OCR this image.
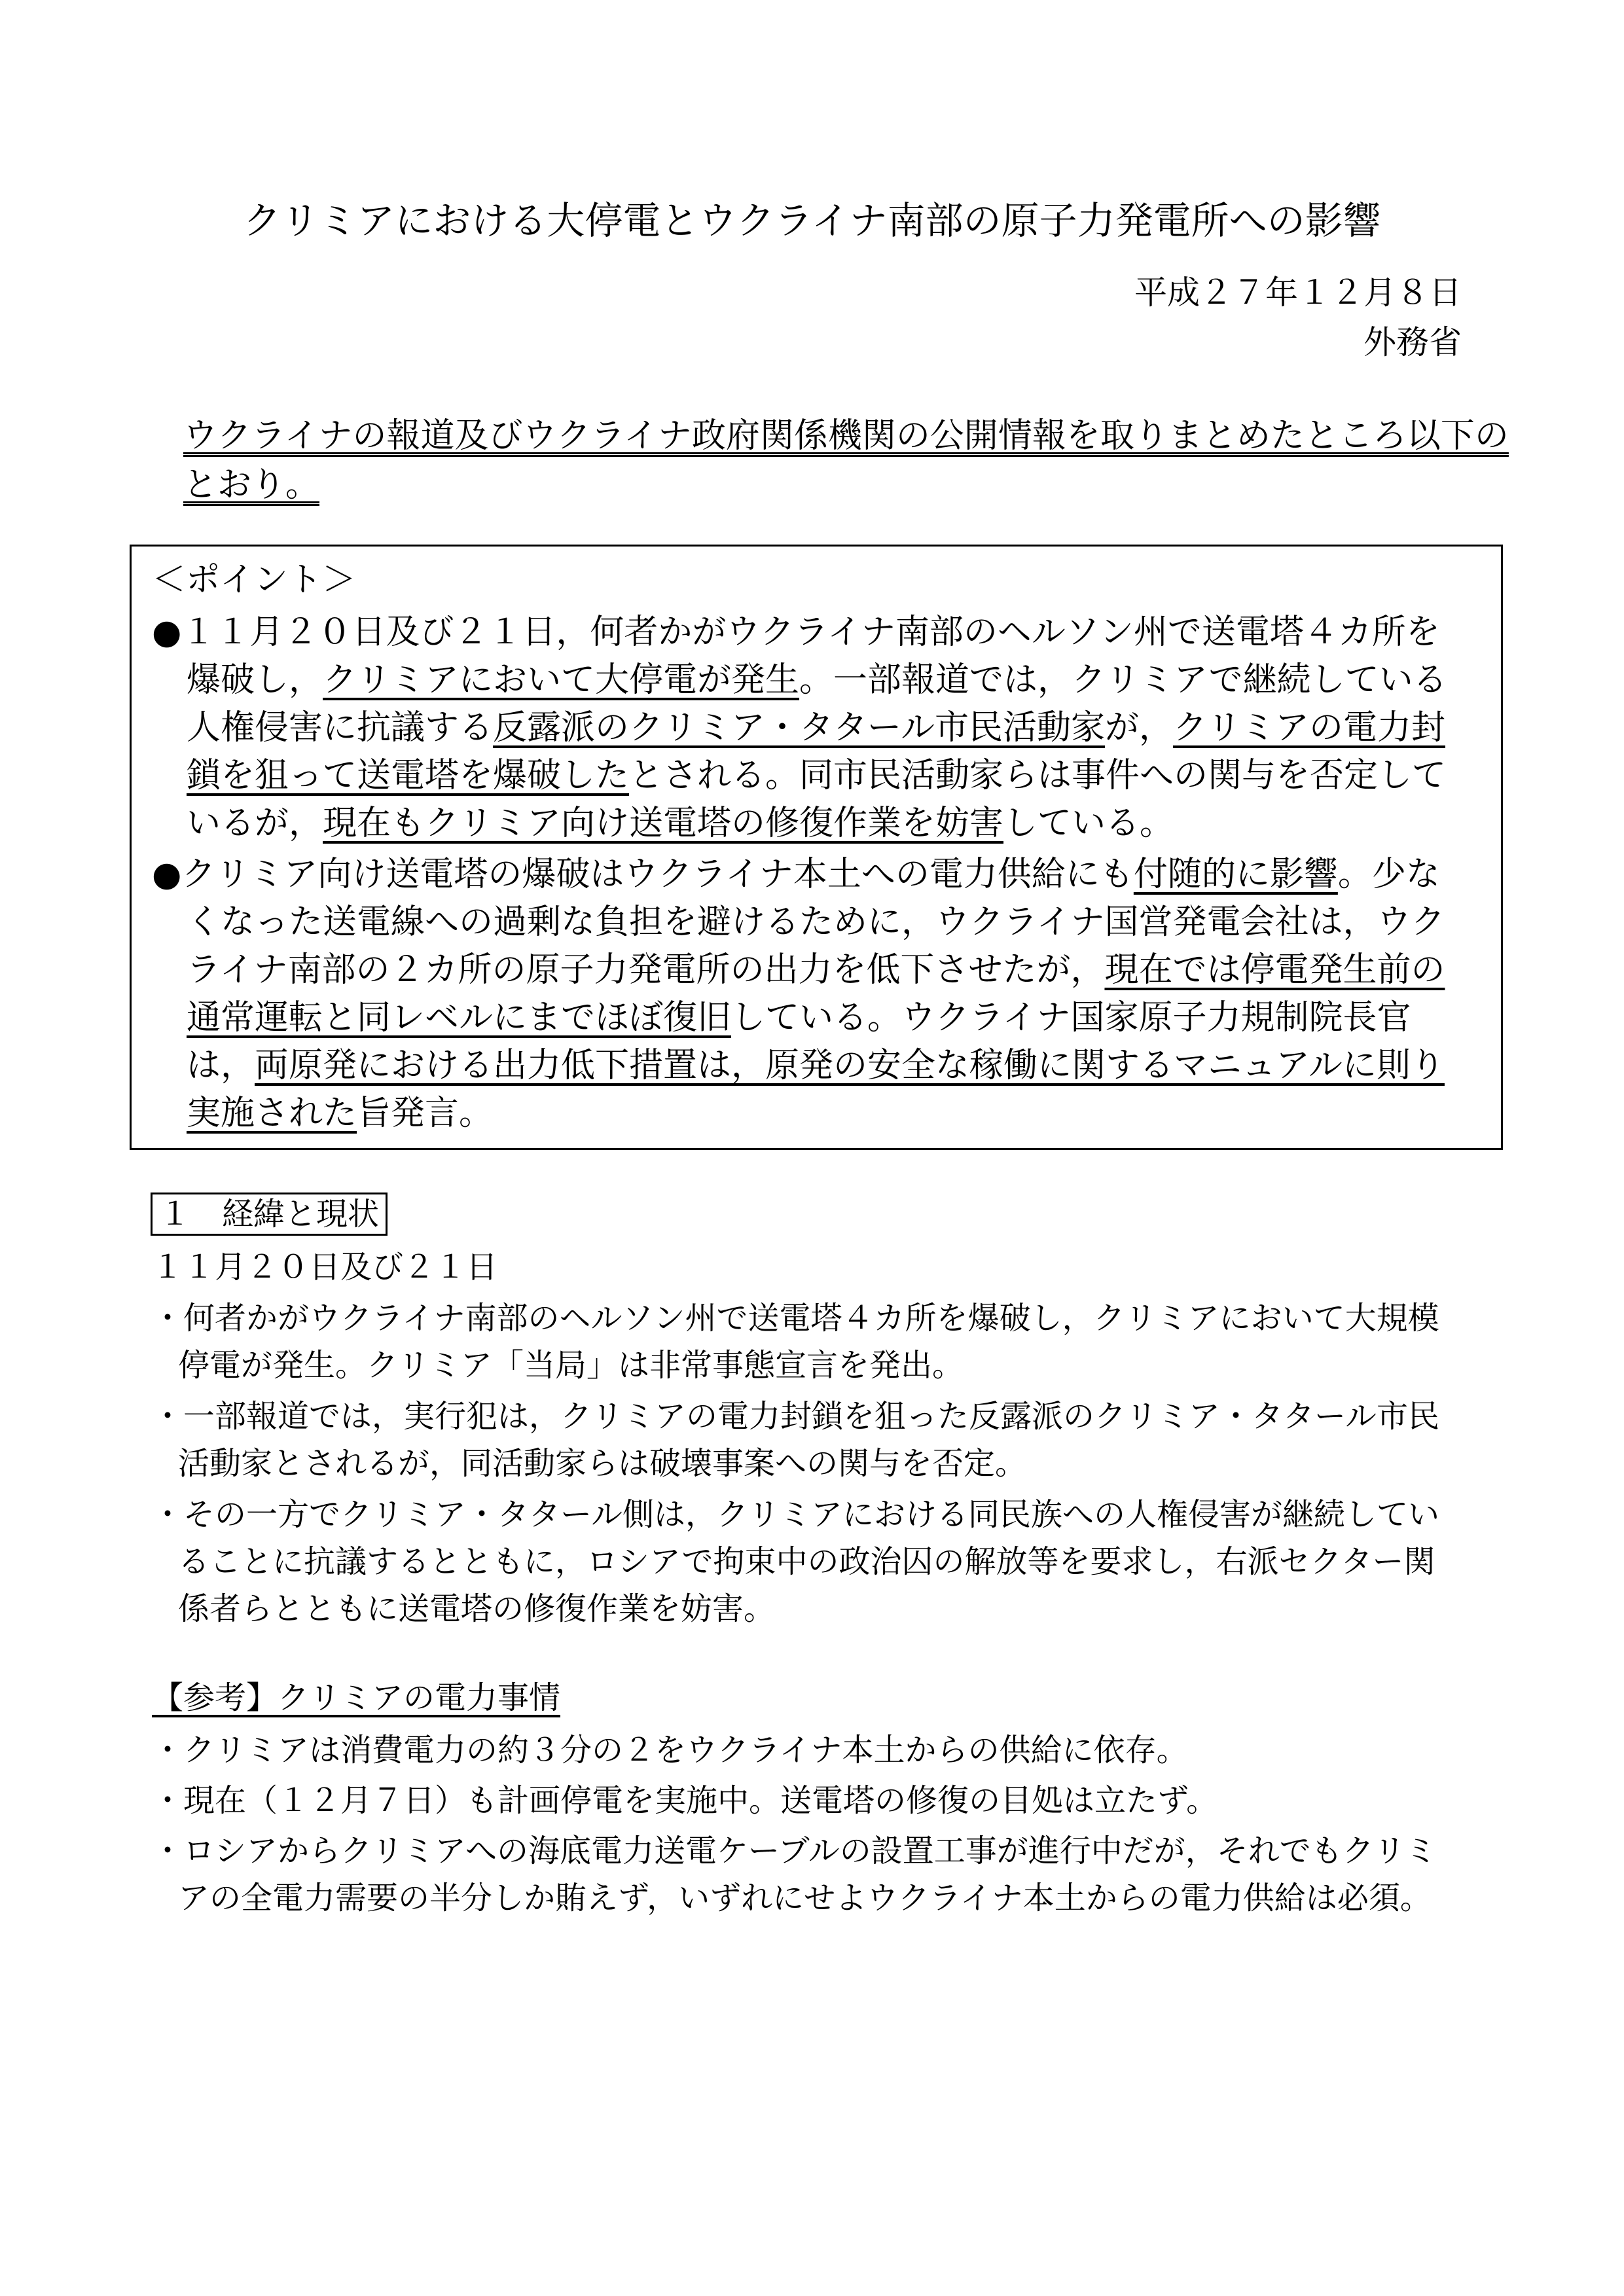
クリミアにおける大停電とウクライナ南部の原子力発電所への影響
平成２７年１２月８日
外務省
ウクライナの報道及びウクライナ政府関係機関の公開情報を取りまとめたところ以下の
とおり。
＜ポイント＞
●１１月２０日及び２１日，何者かがウクライナ南部のヘルソン州で送電塔４カ所を
爆破し，クリミアにおいて大停電が発生。一部報道では，クリミアで継続している
人権侵害に抗議する反露派のクリミア・タタール市民活動家が，クリミアの電力封
鎖を狙って送電塔を爆破したとされる。同市民活動家らは事件への関与を否定して
いるが，現在もクリミア向け送電塔の修復作業を妨害している。
●クリミア向け送電塔の爆破はウクライナ本土への電力供給にも付随的に影響。少な
くなった送電線への過剰な負担を避けるために，ウクライナ国営発電会社は，ウク
ライナ南部の２カ所の原子力発電所の出力を低下させたが，現在では停電発生前の
通常運転と同レベルにまでほぼ復旧している。ウクライナ国家原子力規制院長官
は，両原発における出力低下措置は，原発の安全な稼働に関するマニュアルに則り
実施された旨発言。
１　経緯と現状
１１月２０日及び２１日
・何者かがウクライナ南部のヘルソン州で送電塔４カ所を爆破し，クリミアにおいて大規模
停電が発生。クリミア「当局」は非常事態宣言を発出。
・一部報道では，実行犯は，クリミアの電力封鎖を狙った反露派のクリミア・タタール市民
活動家とされるが，同活動家らは破壊事案への関与を否定。
・その一方でクリミア・タタール側は，クリミアにおける同民族への人権侵害が継続してい
ることに抗議するとともに，ロシアで拘束中の政治囚の解放等を要求し，右派セクター関
係者らとともに送電塔の修復作業を妨害。
【参考】クリミアの電力事情
・クリミアは消費電力の約３分の２をウクライナ本土からの供給に依存。
・現在（１２月７日）も計画停電を実施中。送電塔の修復の目処は立たず。
・ロシアからクリミアへの海底電力送電ケーブルの設置工事が進行中だが，それでもクリミ
アの全電力需要の半分しか賄えず，いずれにせよウクライナ本土からの電力供給は必須。
